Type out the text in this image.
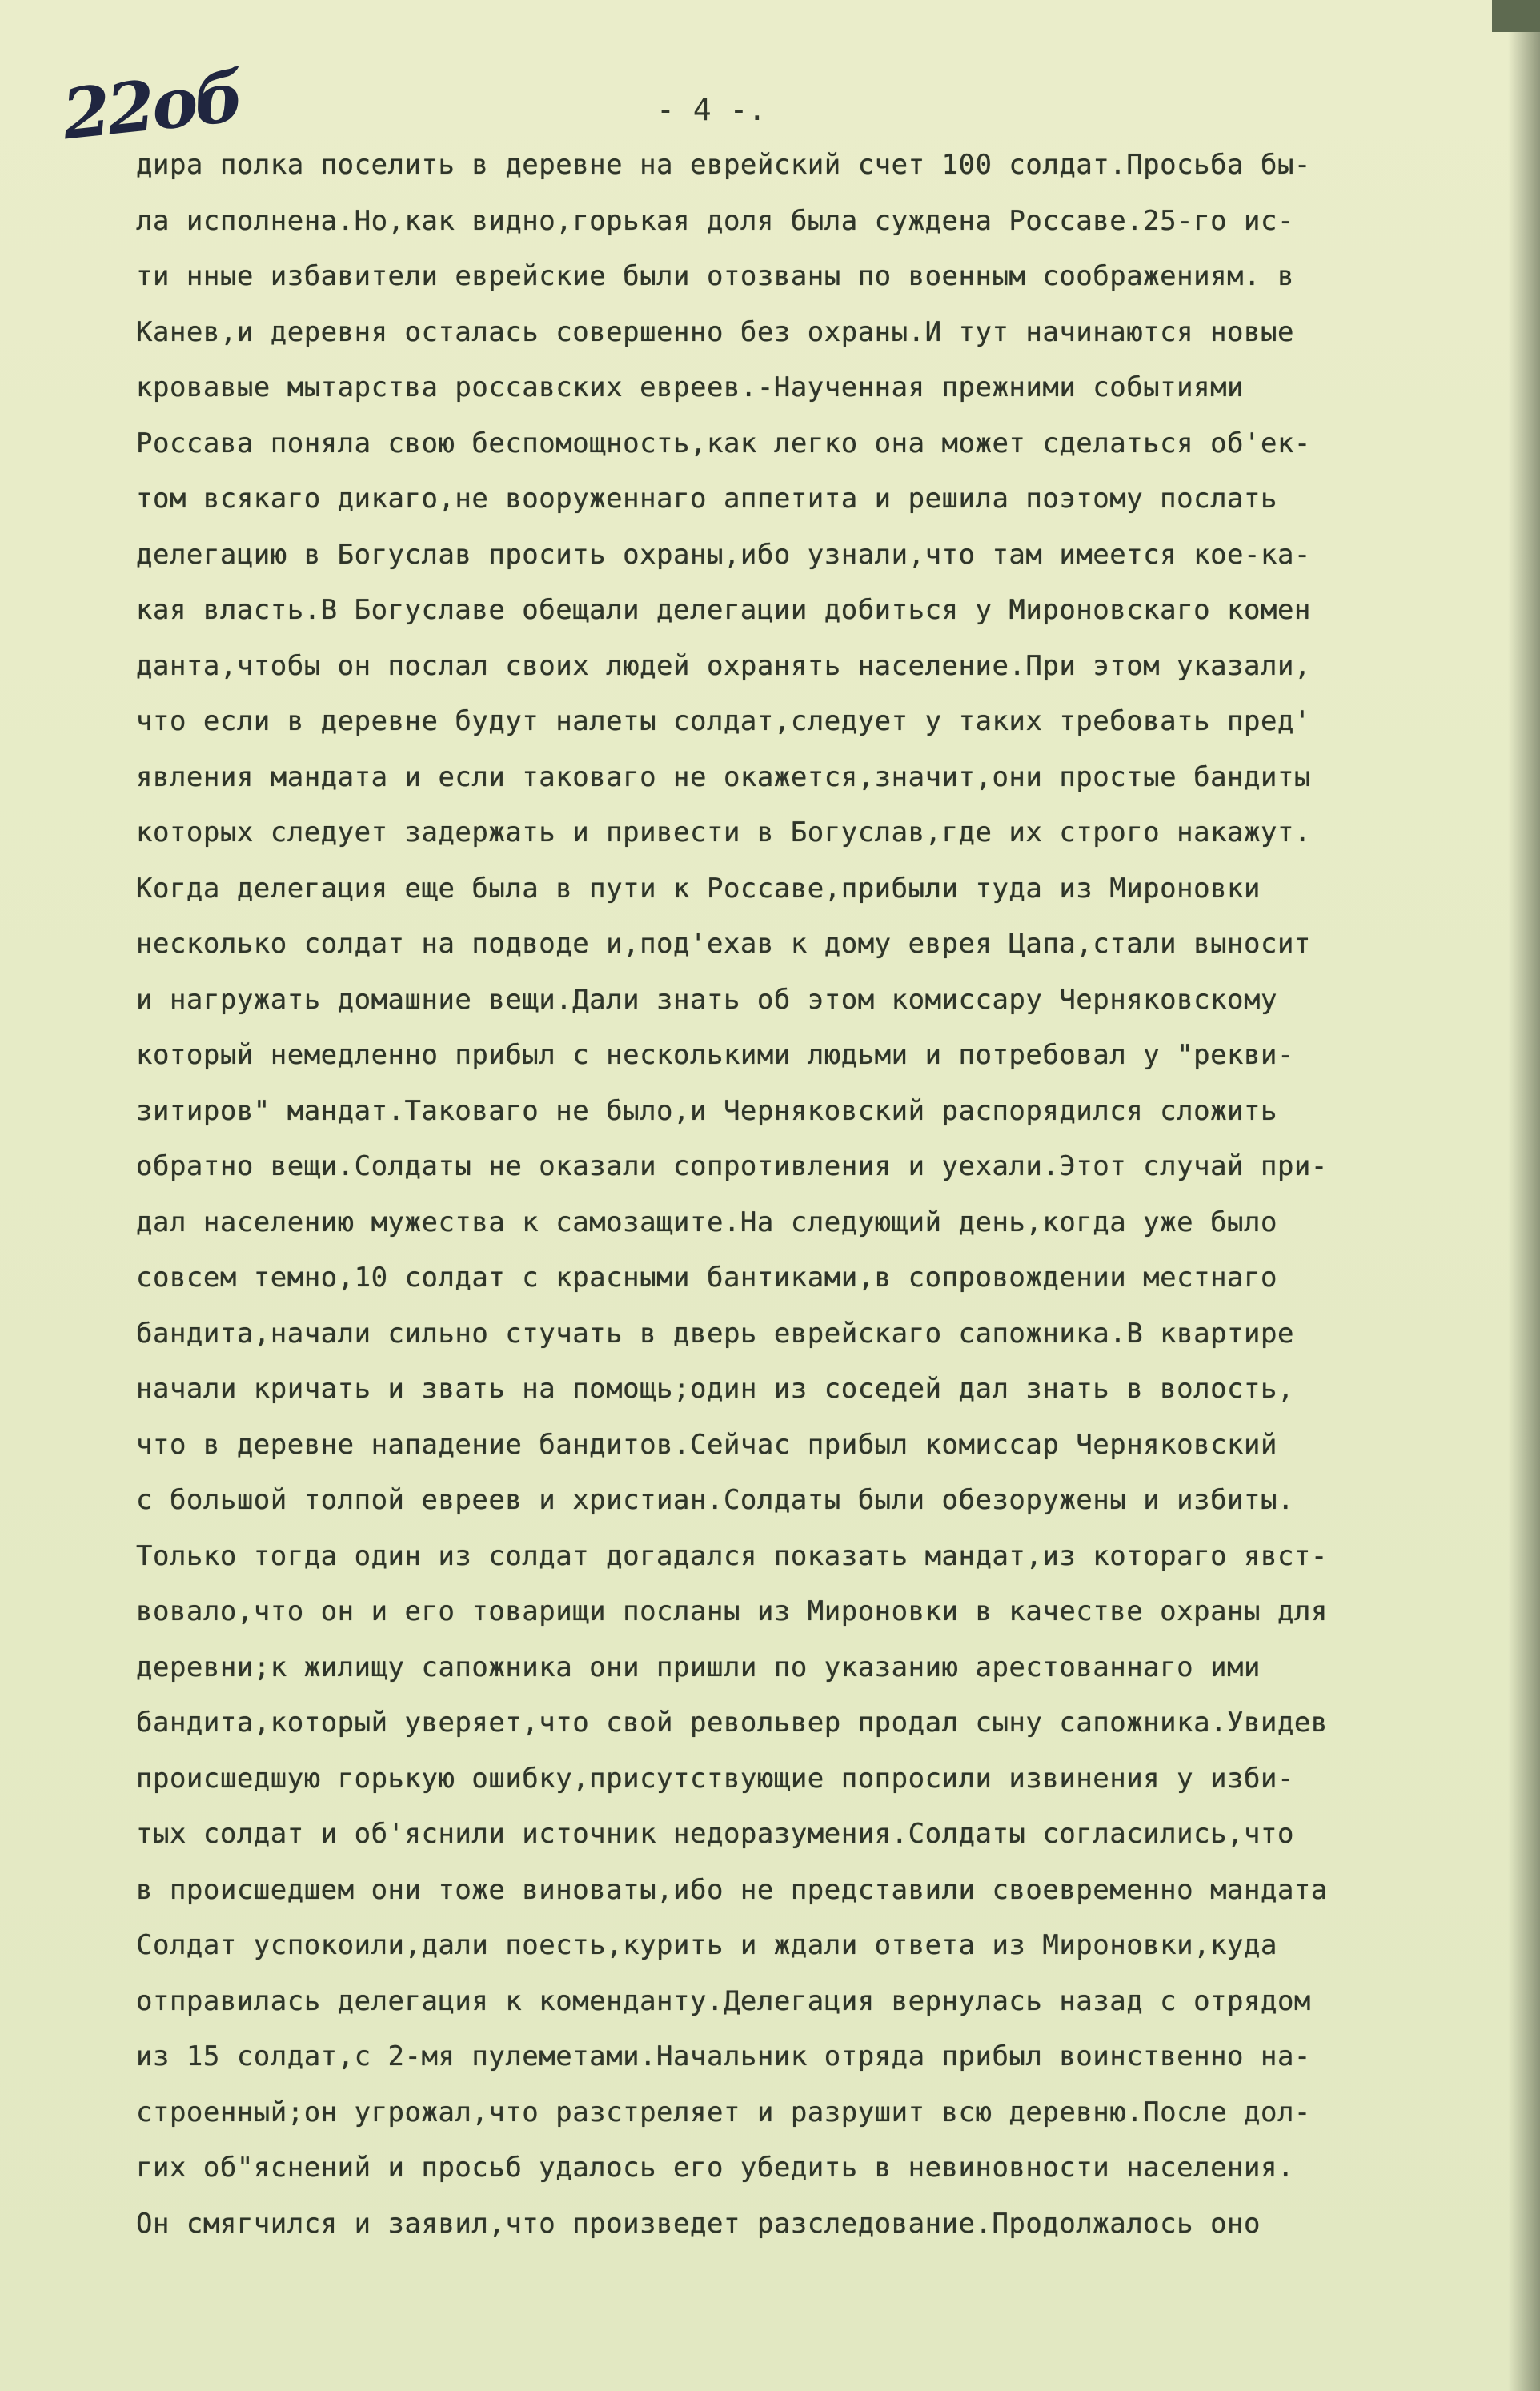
22об	- 4 -.
дира полка поселить в деревне на еврейский счет 100 солдат.Просьба бы-
ла исполнена.Но,как видно,горькая доля была суждена Россаве.25-го ис-
ти нные избавители еврейские были отозваны по военным соображениям. в
Канев,и деревня осталась совершенно без охраны.И тут начинаются новые
кровавые мытарства россавских евреев.-Наученная прежними событиями
Россава поняла свою беспомощность,как легко она может сделаться об'ек-
том всякаго дикаго,не вооруженнаго аппетита и решила поэтому послать
делегацию в Богуслав просить охраны,ибо узнали,что там имеется кое-ка-
кая власть.В Богуславе обещали делегации добиться у Мироновскаго комен
данта,чтобы он послал своих людей охранять население.При этом указали,
что если в деревне будут налеты солдат,следует у таких требовать пред'
явления мандата и если таковаго не окажется,значит,они простые бандиты
которых следует задержать и привести в Богуслав,где их строго накажут.
Когда делегация еще была в пути к Россаве,прибыли туда из Мироновки
несколько солдат на подводе и,под'ехав к дому еврея Цапа,стали выносит
и нагружать домашние вещи.Дали знать об этом комиссару Черняковскому
который немедленно прибыл с несколькими людьми и потребовал у "рекви-
зитиров" мандат.Таковаго не было,и Черняковский распорядился сложить
обратно вещи.Солдаты не оказали сопротивления и уехали.Этот случай при-
дал населению мужества к самозащите.На следующий день,когда уже было
совсем темно,10 солдат с красными бантиками,в сопровождении местнаго
бандита,начали сильно стучать в дверь еврейскаго сапожника.В квартире
начали кричать и звать на помощь;один из соседей дал знать в волость,
что в деревне нападение бандитов.Сейчас прибыл комиссар Черняковский
с большой толпой евреев и христиан.Солдаты были обезоружены и избиты.
Только тогда один из солдат догадался показать мандат,из котораго явст-
вовало,что он и его товарищи посланы из Мироновки в качестве охраны для
деревни;к жилищу сапожника они пришли по указанию арестованнаго ими
бандита,который уверяет,что свой револьвер продал сыну сапожника.Увидев
происшедшую горькую ошибку,присутствующие попросили извинения у изби-
тых солдат и об'яснили источник недоразумения.Солдаты согласились,что
в происшедшем они тоже виноваты,ибо не представили своевременно мандата
Солдат успокоили,дали поесть,курить и ждали ответа из Мироновки,куда
отправилась делегация к коменданту.Делегация вернулась назад с отрядом
из 15 солдат,с 2-мя пулеметами.Начальник отряда прибыл воинственно на-
строенный;он угрожал,что разстреляет и разрушит всю деревню.После дол-
гих об"яснений и просьб удалось его убедить в невиновности населения.
Он смягчился и заявил,что произведет разследование.Продолжалось оно
